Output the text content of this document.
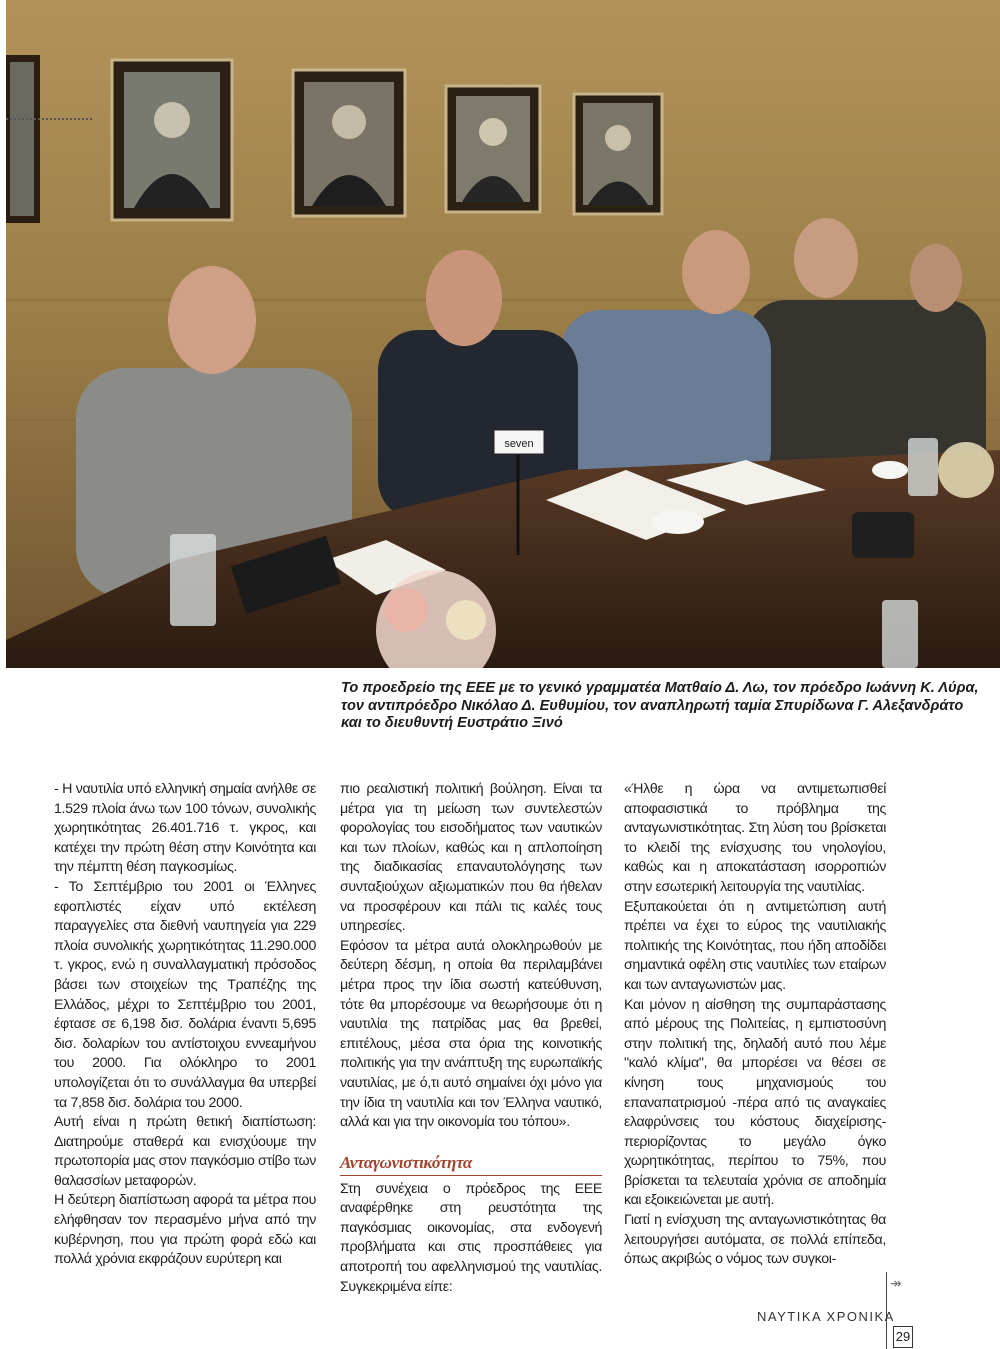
seven
Το προεδρείο της ΕΕΕ με το γενικό γραμματέα Ματθαίο Δ. Λω, τον πρόεδρο Ιωάννη Κ. Λύρα, τον αντιπρόεδρο Νικόλαο Δ. Ευθυμίου, τον αναπληρωτή ταμία Σπυρίδωνα Γ. Αλεξανδράτο και το διευθυντή Ευστράτιο Ξινό

- Η ναυτιλία υπό ελληνική σημαία ανήλθε σε 1.529 πλοία άνω των 100 τόνων, συνολικής χωρητικότητας 26.401.716 τ. γκρος, και κατέχει την πρώτη θέση στην Κοινότητα και την πέμπτη θέση παγκοσμίως.

- Το Σεπτέμβριο του 2001 οι Έλληνες εφοπλιστές είχαν υπό εκτέλεση παραγγελίες στα διεθνή ναυπηγεία για 229 πλοία συνολικής χωρητικότητας 11.290.000 τ. γκρος, ενώ η συναλλαγματική πρόσοδος βάσει των στοιχείων της Τραπέζης της Ελλάδος, μέχρι το Σεπτέμβριο του 2001, έφτασε σε 6,198 δισ. δολάρια έναντι 5,695 δισ. δολαρίων του αντίστοιχου εννεαμήνου του 2000. Για ολόκληρο το 2001 υπολογίζεται ότι το συνάλλαγμα θα υπερβεί τα 7,858 δισ. δολάρια του 2000.

Αυτή είναι η πρώτη θετική διαπίστωση: Διατηρούμε σταθερά και ενισχύουμε την πρωτοπορία μας στον παγκόσμιο στίβο των θαλασσίων μεταφορών.

Η δεύτερη διαπίστωση αφορά τα μέτρα που ελήφθησαν τον περασμένο μήνα από την κυβέρνηση, που για πρώτη φορά εδώ και πολλά χρόνια εκφράζουν ευρύτερη και

πιο ρεαλιστική πολιτική βούληση. Είναι τα μέτρα για τη μείωση των συντελεστών φορολογίας του εισοδήματος των ναυτικών και των πλοίων, καθώς και η απλοποίηση της διαδικασίας επαναυτολόγησης των συνταξιούχων αξιωματικών που θα ήθελαν να προσφέρουν και πάλι τις καλές τους υπηρεσίες.

Εφόσον τα μέτρα αυτά ολοκληρωθούν με δεύτερη δέσμη, η οποία θα περιλαμβάνει μέτρα προς την ίδια σωστή κατεύθυνση, τότε θα μπορέσουμε να θεωρήσουμε ότι η ναυτιλία της πατρίδας μας θα βρεθεί, επιτέλους, μέσα στα όρια της κοινοτικής πολιτικής για την ανάπτυξη της ευρωπαϊκής ναυτιλίας, με ό,τι αυτό σημαίνει όχι μόνο για την ίδια τη ναυτιλία και τον Έλληνα ναυτικό, αλλά και για την οικονομία του τόπου».

Ανταγωνιστικότητα

Στη συνέχεια ο πρόεδρος της ΕΕΕ αναφέρθηκε στη ρευστότητα της παγκόσμιας οικονομίας, στα ενδογενή προβλήματα και στις προσπάθειες για αποτροπή του αφελληνισμού της ναυτιλίας. Συγκεκριμένα είπε:

«Ήλθε η ώρα να αντιμετωπισθεί αποφασιστικά το πρόβλημα της ανταγωνιστικότητας. Στη λύση του βρίσκεται το κλειδί της ενίσχυσης του νηολογίου, καθώς και η αποκατάσταση ισορροπιών στην εσωτερική λειτουργία της ναυτιλίας.

Εξυπακούεται ότι η αντιμετώπιση αυτή πρέπει να έχει το εύρος της ναυτιλιακής πολιτικής της Κοινότητας, που ήδη αποδίδει σημαντικά οφέλη στις ναυτιλίες των εταίρων και των ανταγωνιστών μας.

Και μόνον η αίσθηση της συμπαράστασης από μέρους της Πολιτείας, η εμπιστοσύνη στην πολιτική της, δηλαδή αυτό που λέμε "καλό κλίμα", θα μπορέσει να θέσει σε κίνηση τους μηχανισμούς του επαναπατρισμού -πέρα από τις αναγκαίες ελαφρύνσεις του κόστους διαχείρισης- περιορίζοντας το μεγάλο όγκο χωρητικότητας, περίπου το 75%, που βρίσκεται τα τελευταία χρόνια σε αποδημία και εξοικειώνεται με αυτή.

Γιατί η ενίσχυση της ανταγωνιστικότητας θα λειτουργήσει αυτόματα, σε πολλά επίπεδα, όπως ακριβώς ο νόμος των συγκοι-

↠
ΝΑΥΤΙΚΑ ΧΡΟΝΙΚΑ
29
